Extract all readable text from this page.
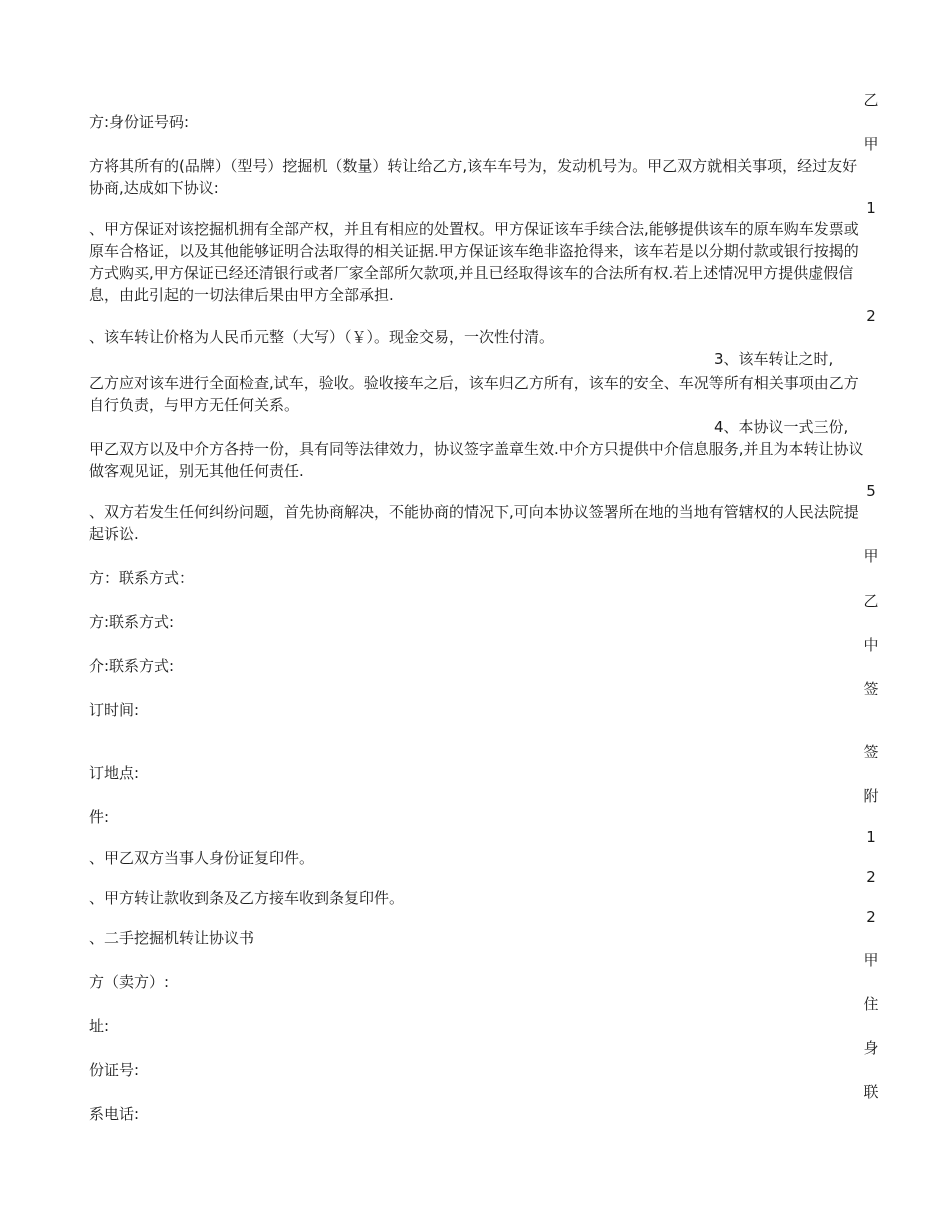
乙
甲
1
2
5
甲
乙
中
签
签
附
1
2
2
甲
住
身
联
方:身份证号码:
方将其所有的(品牌）（型号）挖掘机（数量）转让给乙方,该车车号为，发动机号为。甲乙双方就相关事项，经过友好协商,达成如下协议:
、甲方保证对该挖掘机拥有全部产权，并且有相应的处置权。甲方保证该车手续合法,能够提供该车的原车购车发票或原车合格证，以及其他能够证明合法取得的相关证据.甲方保证该车绝非盗抢得来，该车若是以分期付款或银行按揭的方式购买,甲方保证已经还清银行或者厂家全部所欠款项,并且已经取得该车的合法所有权.若上述情况甲方提供虚假信息，由此引起的一切法律后果由甲方全部承担.
、该车转让价格为人民币元整（大写）（￥）。现金交易，一次性付清。
3、该车转让之时,
乙方应对该车进行全面检查,试车，验收。验收接车之后，该车归乙方所有，该车的安全、车况等所有相关事项由乙方自行负责，与甲方无任何关系。
4、本协议一式三份,
甲乙双方以及中介方各持一份，具有同等法律效力，协议签字盖章生效.中介方只提供中介信息服务,并且为本转让协议做客观见证，别无其他任何责任.
、双方若发生任何纠纷问题，首先协商解决，不能协商的情况下,可向本协议签署所在地的当地有管辖权的人民法院提起诉讼.
方：联系方式：
方:联系方式:
介:联系方式:
订时间:
订地点:
件:
、甲乙双方当事人身份证复印件。
、甲方转让款收到条及乙方接车收到条复印件。
、二手挖掘机转让协议书
方（卖方）:
址:
份证号:
系电话:
